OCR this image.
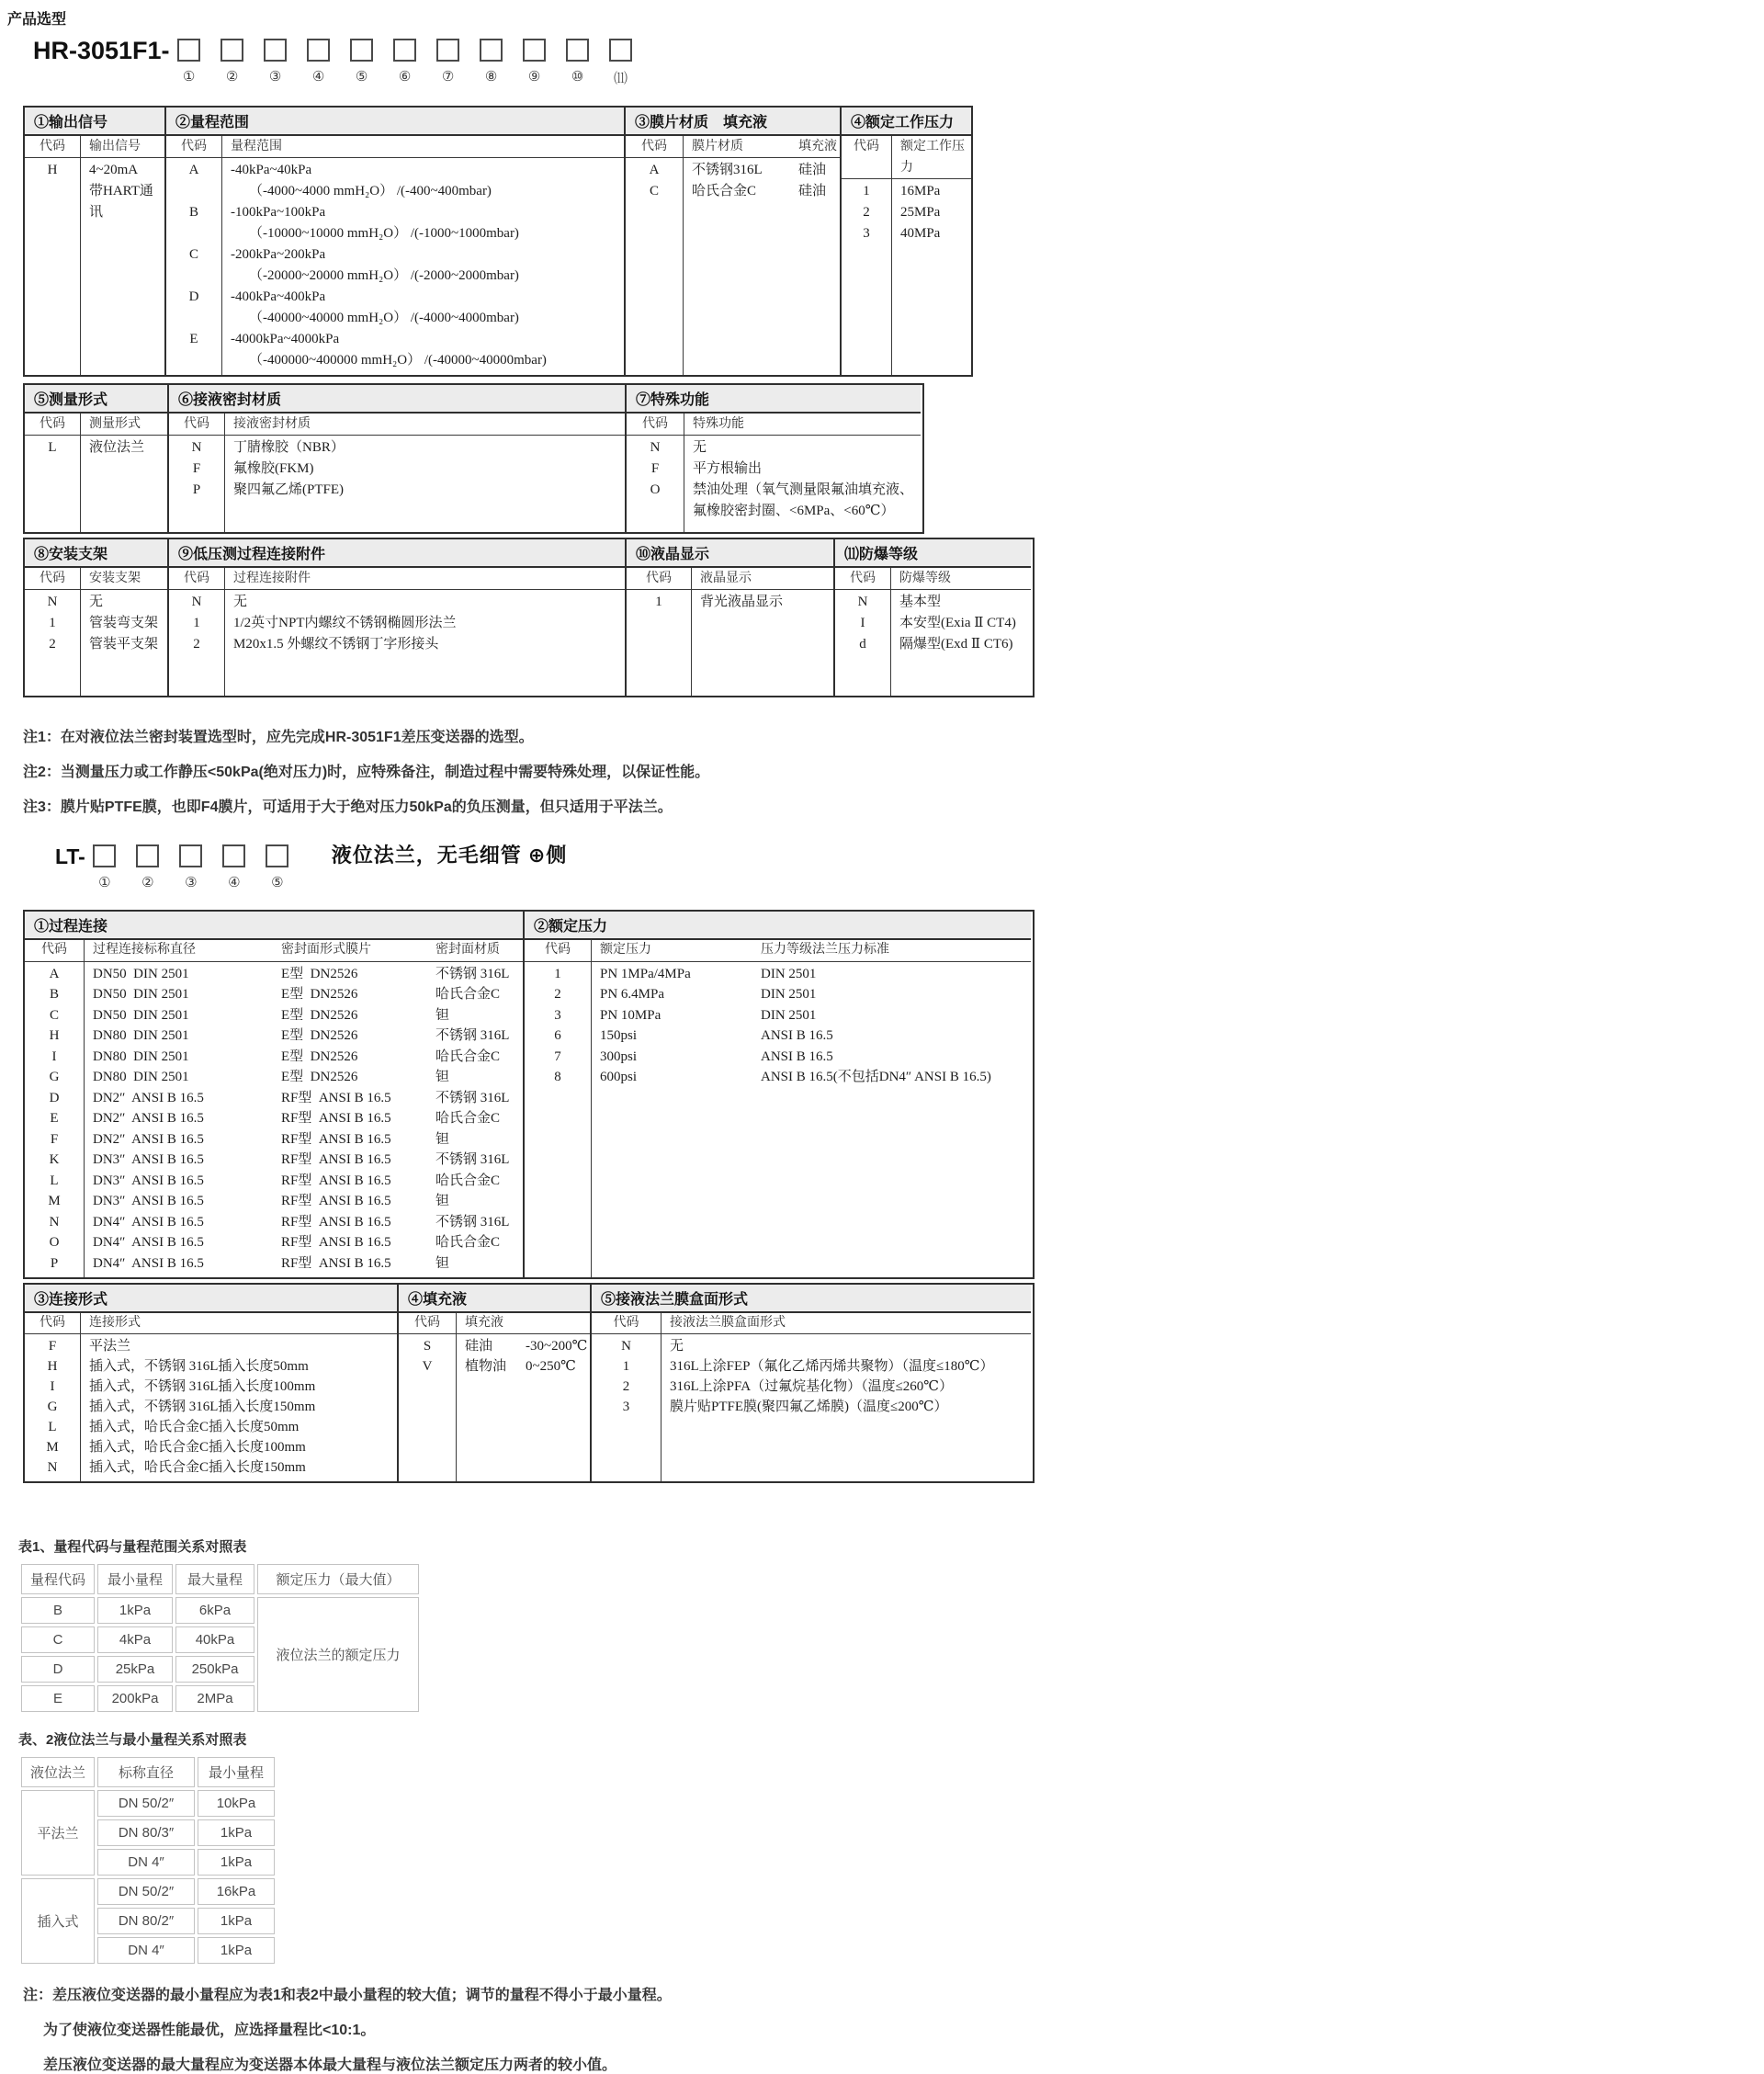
产品选型
HR-3051F1-
① ② ③ ④ ⑤ ⑥ ⑦ ⑧ ⑨ ⑩ ⑾
①输出信号
代码	输出信号
H	4~20mA
带HART通讯
②量程范围
代码	量程范围
A	-40kPa~40kPa
（-4000~4000 mmH₂O） /(-400~400mbar)
B	-100kPa~100kPa
（-10000~10000 mmH₂O） /(-1000~1000mbar)
C	-200kPa~200kPa
（-20000~20000 mmH₂O） /(-2000~2000mbar)
D	-400kPa~400kPa
（-40000~40000 mmH₂O） /(-4000~4000mbar)
E	-4000kPa~4000kPa
（-400000~400000 mmH₂O） /(-40000~40000mbar)
③膜片材质　填充液
代码	膜片材质	填充液
A	不锈钢316L	硅油
C	哈氏合金C	硅油
④额定工作压力
代码	额定工作压力
1	16MPa
2	25MPa
3	40MPa
⑤测量形式
代码	测量形式
L	液位法兰
⑥接液密封材质
代码	接液密封材质
N	丁腈橡胶（NBR）
F	氟橡胶(FKM)
P	聚四氟乙烯(PTFE)
⑦特殊功能
代码	特殊功能
N	无
F	平方根输出
O	禁油处理（氧气测量限氟油填充液、
氟橡胶密封圈、<6MPa、<60℃）
⑧安装支架
代码	安装支架
N	无
1	管装弯支架
2	管装平支架
⑨低压测过程连接附件
代码	过程连接附件
N	无
1	1/2英寸NPT内螺纹不锈钢椭圆形法兰
2	M20x1.5 外螺纹不锈钢丁字形接头
⑩液晶显示
代码	液晶显示
1	背光液晶显示
⑾防爆等级
代码	防爆等级
N	基本型
I	本安型(Exia Ⅱ CT4)
d	隔爆型(Exd Ⅱ CT6)
注1：在对液位法兰密封装置选型时，应先完成HR-3051F1差压变送器的选型。
注2：当测量压力或工作静压<50kPa(绝对压力)时，应特殊备注，制造过程中需要特殊处理，以保证性能。
注3：膜片贴PTFE膜，也即F4膜片，可适用于大于绝对压力50kPa的负压测量，但只适用于平法兰。
LT-
① ② ③ ④ ⑤
液位法兰，无毛细管 ⊕侧
①过程连接
代码	过程连接标称直径	密封面形式膜片	密封面材质
A	DN50  DIN 2501	E型  DN2526	不锈钢 316L
B	DN50  DIN 2501	E型  DN2526	哈氏合金C
C	DN50  DIN 2501	E型  DN2526	钽
H	DN80  DIN 2501	E型  DN2526	不锈钢 316L
I	DN80  DIN 2501	E型  DN2526	哈氏合金C
G	DN80  DIN 2501	E型  DN2526	钽
D	DN2″  ANSI B 16.5	RF型  ANSI B 16.5	不锈钢 316L
E	DN2″  ANSI B 16.5	RF型  ANSI B 16.5	哈氏合金C
F	DN2″  ANSI B 16.5	RF型  ANSI B 16.5	钽
K	DN3″  ANSI B 16.5	RF型  ANSI B 16.5	不锈钢 316L
L	DN3″  ANSI B 16.5	RF型  ANSI B 16.5	哈氏合金C
M	DN3″  ANSI B 16.5	RF型  ANSI B 16.5	钽
N	DN4″  ANSI B 16.5	RF型  ANSI B 16.5	不锈钢 316L
O	DN4″  ANSI B 16.5	RF型  ANSI B 16.5	哈氏合金C
P	DN4″  ANSI B 16.5	RF型  ANSI B 16.5	钽
②额定压力
代码	额定压力	压力等级法兰压力标准
1	PN 1MPa/4MPa	DIN 2501
2	PN 6.4MPa	DIN 2501
3	PN 10MPa	DIN 2501
6	150psi	ANSI B 16.5
7	300psi	ANSI B 16.5
8	600psi	ANSI B 16.5(不包括DN4″ ANSI B 16.5)
③连接形式
代码	连接形式
F	平法兰
H	插入式，不锈钢 316L插入长度50mm
I	插入式，不锈钢 316L插入长度100mm
G	插入式，不锈钢 316L插入长度150mm
L	插入式，哈氏合金C插入长度50mm
M	插入式，哈氏合金C插入长度100mm
N	插入式，哈氏合金C插入长度150mm
④填充液
代码	填充液
S	硅油	-30~200℃
V	植物油	0~250℃
⑤接液法兰膜盒面形式
代码	接液法兰膜盒面形式
N	无
1	316L上涂FEP（氟化乙烯丙烯共聚物）（温度≤180℃）
2	316L上涂PFA（过氟烷基化物）（温度≤260℃）
3	膜片贴PTFE膜(聚四氟乙烯膜)（温度≤200℃）
表1、量程代码与量程范围关系对照表
量程代码	最小量程	最大量程	额定压力（最大值）
B	1kPa	6kPa	液位法兰的额定压力
C	4kPa	40kPa	
D	25kPa	250kPa	
E	200kPa	2MPa	
表、2液位法兰与最小量程关系对照表
液位法兰	标称直径	最小量程
平法兰	DN 50/2″	10kPa
	DN 80/3″	1kPa
	DN 4″	1kPa
插入式	DN 50/2″	16kPa
	DN 80/2″	1kPa
	DN 4″	1kPa
注：差压液位变送器的最小量程应为表1和表2中最小量程的较大值；调节的量程不得小于最小量程。
为了使液位变送器性能最优，应选择量程比<10:1。
差压液位变送器的最大量程应为变送器本体最大量程与液位法兰额定压力两者的较小值。
